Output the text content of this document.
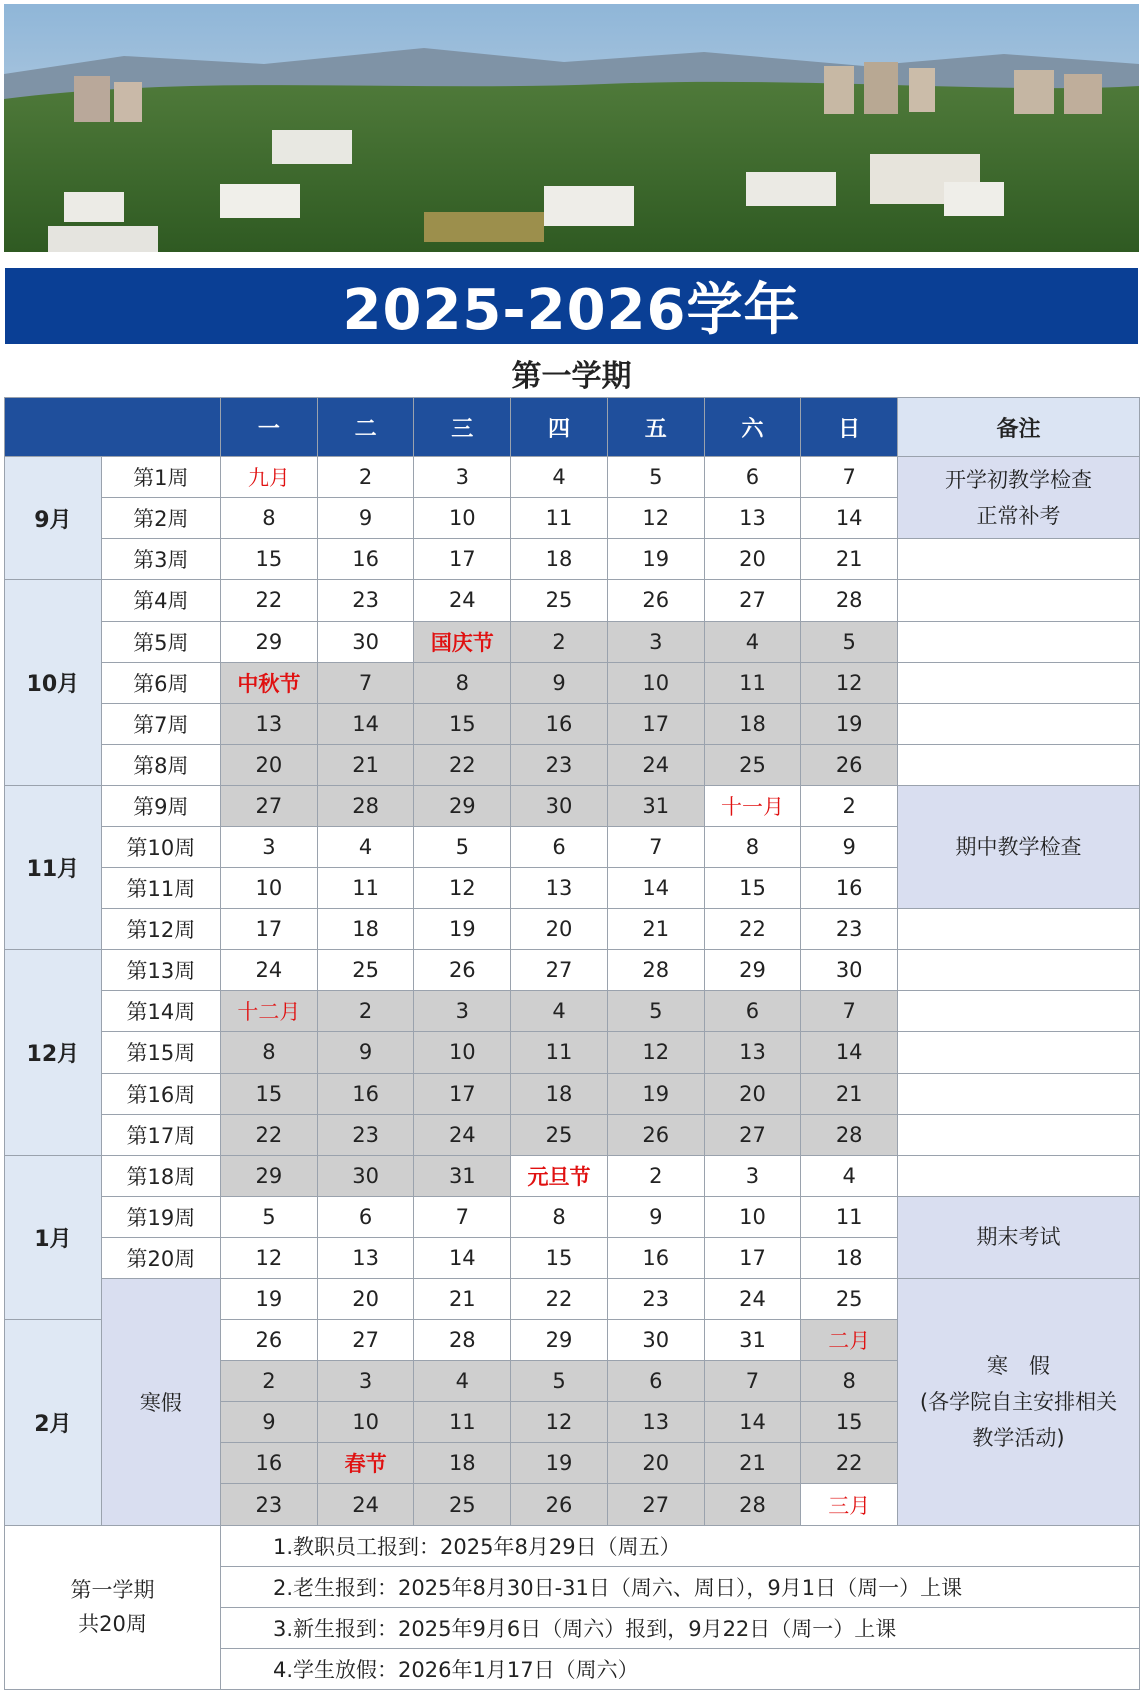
2025-2026学年
第一学期
		一	二	三	四	五	六	日	备注
9月	第1周	九月	2	3	4	5	6	7	开学初教学检查
正常补考

	第2周	8	9	10	11	12	13	14	
	第3周	15	16	17	18	19	20	21	
10月	第4周	22	23	24	25	26	27	28	
	第5周	29	30	国庆节	2	3	4	5	
	第6周	中秋节	7	8	9	10	11	12	
	第7周	13	14	15	16	17	18	19	
	第8周	20	21	22	23	24	25	26	
11月	第9周	27	28	29	30	31	十一月	2	期中教学检查

	第10周	3	4	5	6	7	8	9	
	第11周	10	11	12	13	14	15	16	
	第12周	17	18	19	20	21	22	23	
12月	第13周	24	25	26	27	28	29	30	
	第14周	十二月	2	3	4	5	6	7	
	第15周	8	9	10	11	12	13	14	
	第16周	15	16	17	18	19	20	21	
	第17周	22	23	24	25	26	27	28	
1月	第18周	29	30	31	元旦节	2	3	4	
	第19周	5	6	7	8	9	10	11	期末考试

	第20周	12	13	14	15	16	17	18	
	寒假	19	20	21	22	23	24	25	寒　假
(各学院自主安排相关
教学活动)

2月		26	27	28	29	30	31	二月	
		2	3	4	5	6	7	8	
		9	10	11	12	13	14	15	
		16	春节	18	19	20	21	22	
		23	24	25	26	27	28	三月	

第一学期
共20周		1.教职员工报到：2025年8月29日（周五）							
		2.老生报到：2025年8月30日-31日（周六、周日），9月1日（周一）上课							
		3.新生报到：2025年9月6日（周六）报到，9月22日（周一）上课							
		4.学生放假：2026年1月17日（周六）							
